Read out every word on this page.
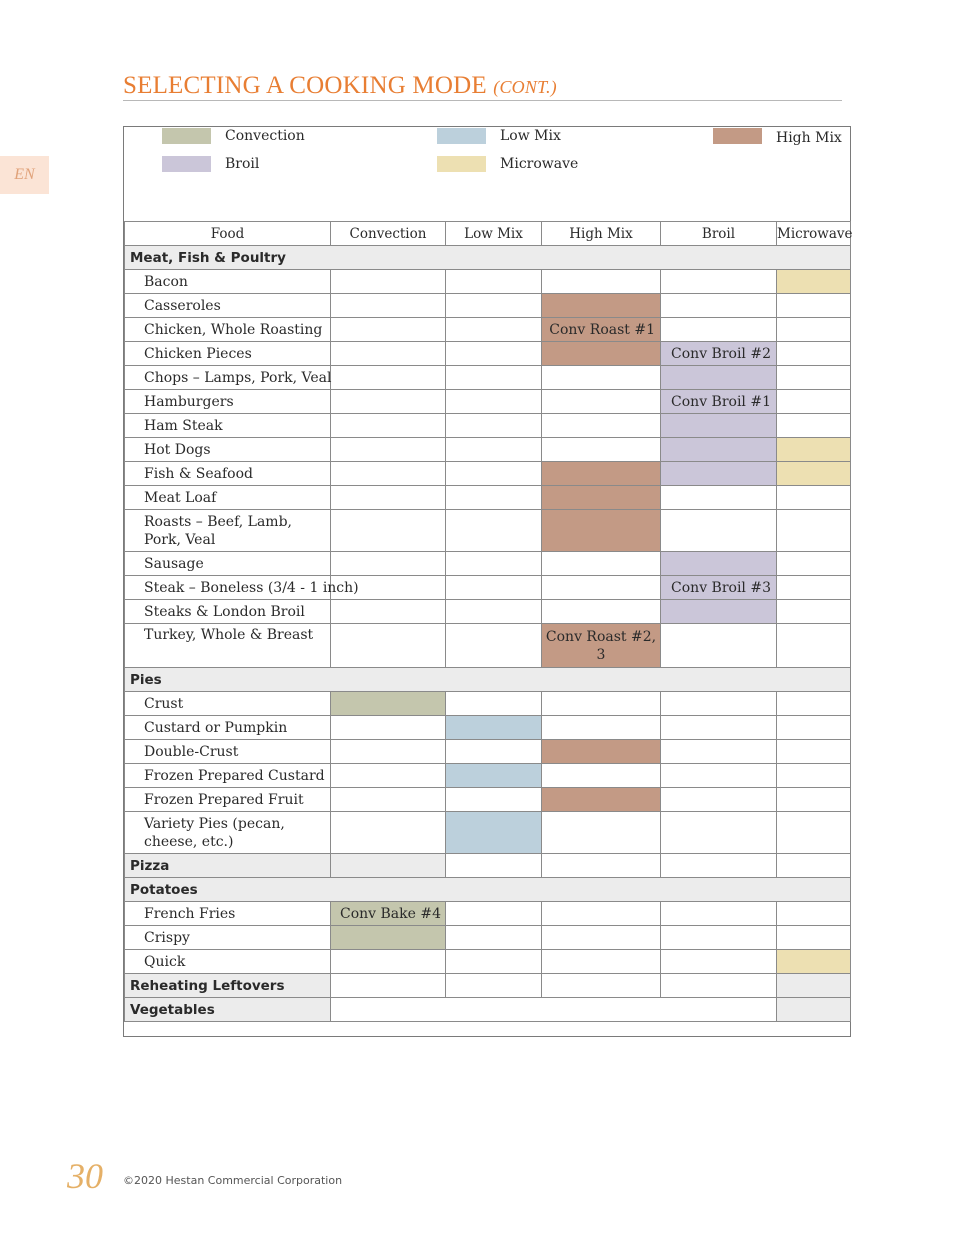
SELECTING A COOKING MODE (CONT.)
EN
Convection	Low Mix	High Mix
Broil	Microwave
Food	Convection	Low Mix	High Mix	Broil	Microwave
Meat, Fish & Poultry					
Bacon					
Casseroles					
Chicken, Whole Roasting			Conv Roast #1		
Chicken Pieces				Conv Broil #2	
Chops – Lamps, Pork, Veal					
Hamburgers				Conv Broil #1	
Ham Steak					
Hot Dogs					
Fish & Seafood					
Meat Loaf					
Roasts – Beef, Lamb, Pork, Veal					
Sausage					
Steak – Boneless (3/4 - 1 inch)				Conv Broil #3	
Steaks & London Broil					
Turkey, Whole & Breast			Conv Roast #2, 3		
Pies					
Crust					
Custard or Pumpkin					
Double-Crust					
Frozen Prepared Custard					
Frozen Prepared Fruit					
Variety Pies (pecan, cheese, etc.)					
Pizza					
Potatoes					
French Fries	Conv Bake #4				
Crispy					
Quick					
Reheating Leftovers					
Vegetables					
30 ©2020 Hestan Commercial Corporation
